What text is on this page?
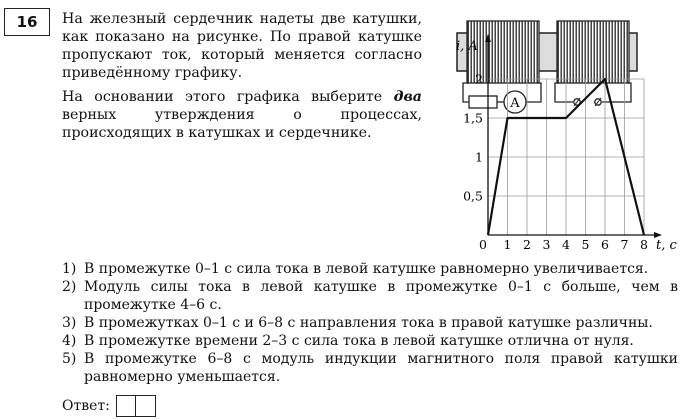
16	На железный сердечник надеты две катушки, как показано на рисунке. По правой катушке пропускают ток, который меняется согласно приведённому графику.

На основании этого графика выберите два верных утверждения о процессах, происходящих в катушках и сердечнике.

A
0 1 2 3 4 5 6 7 8
0,5
1
1,5
2
i, A
t, c
1) В промежутке 0–1 с сила тока в левой катушке равномерно увеличивается.
2) Модуль силы тока в левой катушке в промежутке 0–1 с больше, чем в промежутке 4–6 с.
3) В промежутках 0–1 с и 6–8 с направления тока в правой катушке различны.
4) В промежутке времени 2–3 с сила тока в левой катушке отлична от нуля.
5) В промежутке 6–8 с модуль индукции магнитного поля правой катушки равномерно уменьшается.
Ответ:
